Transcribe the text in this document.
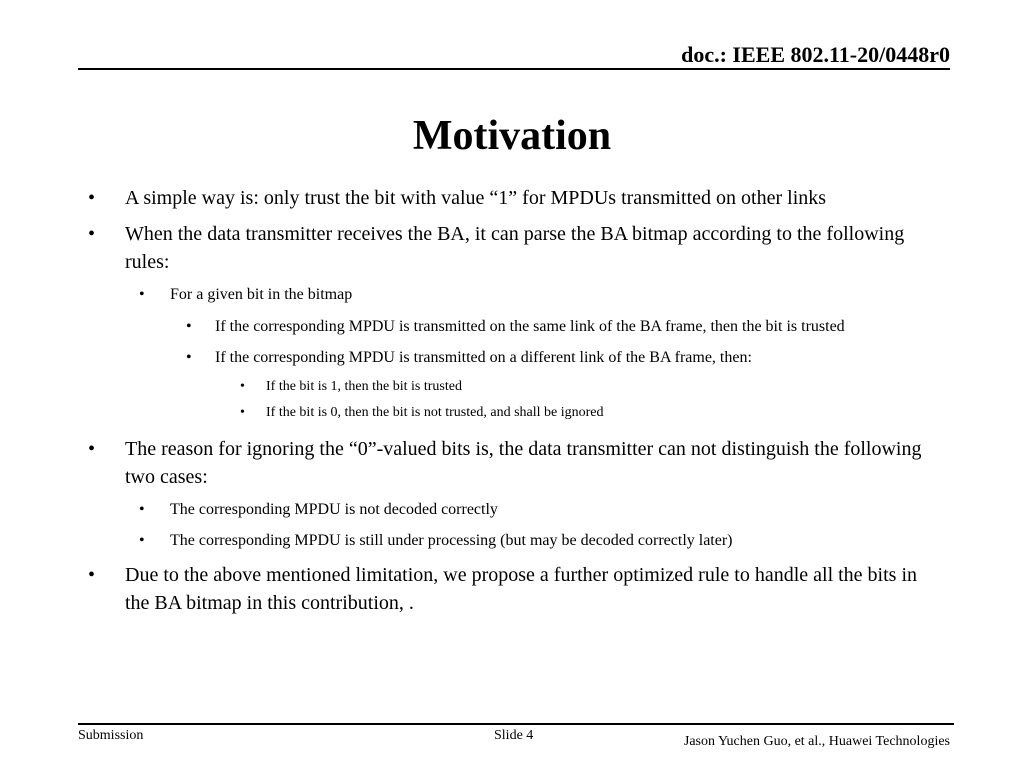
doc.: IEEE 802.11-20/0448r0
Motivation
• A simple way is: only trust the bit with value “1” for MPDUs transmitted on other links
• When the data transmitter receives the BA, it can parse the BA bitmap according to the following rules:
• For a given bit in the bitmap
• If the corresponding MPDU is transmitted on the same link of the BA frame, then the bit is trusted
• If the corresponding MPDU is transmitted on a different link of the BA frame, then:
• If the bit is 1, then the bit is trusted
• If the bit is 0, then the bit is not trusted, and shall be ignored
• The reason for ignoring the “0”-valued bits is, the data transmitter can not distinguish the following two cases:
• The corresponding MPDU is not decoded correctly
• The corresponding MPDU is still under processing (but may be decoded correctly later)
• Due to the above mentioned limitation, we propose a further optimized rule to handle all the bits in the BA bitmap in this contribution, .
Submission	Slide 4	Jason Yuchen Guo, et al., Huawei Technologies
